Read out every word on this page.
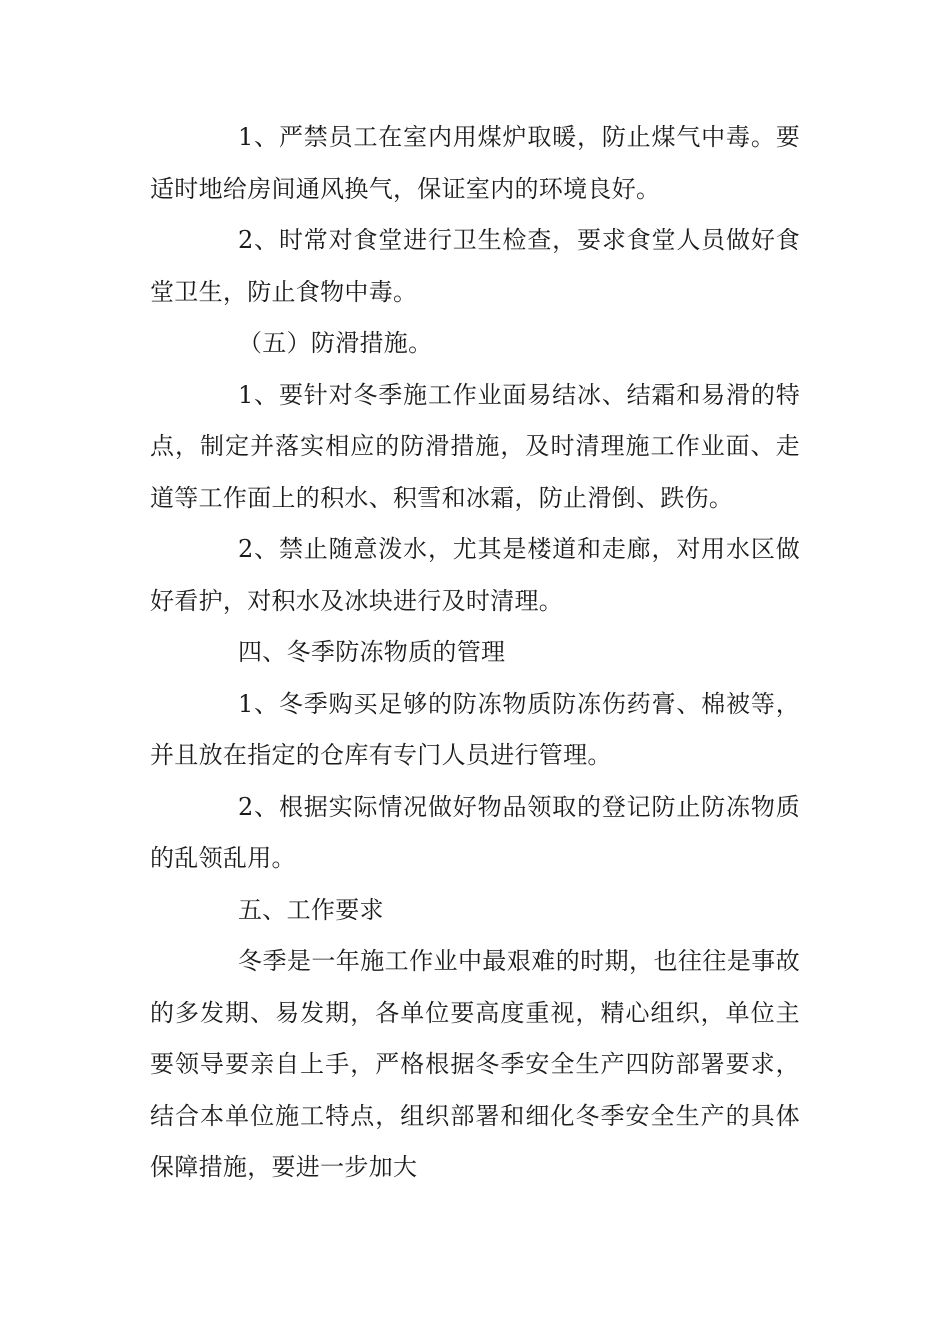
1、严禁员工在室内用煤炉取暖，防止煤气中毒。要适时地给房间通风换气，保证室内的环境良好。

2、时常对食堂进行卫生检查，要求食堂人员做好食堂卫生，防止食物中毒。

（五）防滑措施。

1、要针对冬季施工作业面易结冰、结霜和易滑的特点，制定并落实相应的防滑措施，及时清理施工作业面、走道等工作面上的积水、积雪和冰霜，防止滑倒、跌伤。

2、禁止随意泼水，尤其是楼道和走廊，对用水区做好看护，对积水及冰块进行及时清理。

四、冬季防冻物质的管理

1、冬季购买足够的防冻物质防冻伤药膏、棉被等，并且放在指定的仓库有专门人员进行管理。

2、根据实际情况做好物品领取的登记防止防冻物质的乱领乱用。

五、工作要求

冬季是一年施工作业中最艰难的时期，也往往是事故的多发期、易发期，各单位要高度重视，精心组织，单位主要领导要亲自上手，严格根据冬季安全生产四防部署要求，结合本单位施工特点，组织部署和细化冬季安全生产的具体保障措施，要进一步加大
